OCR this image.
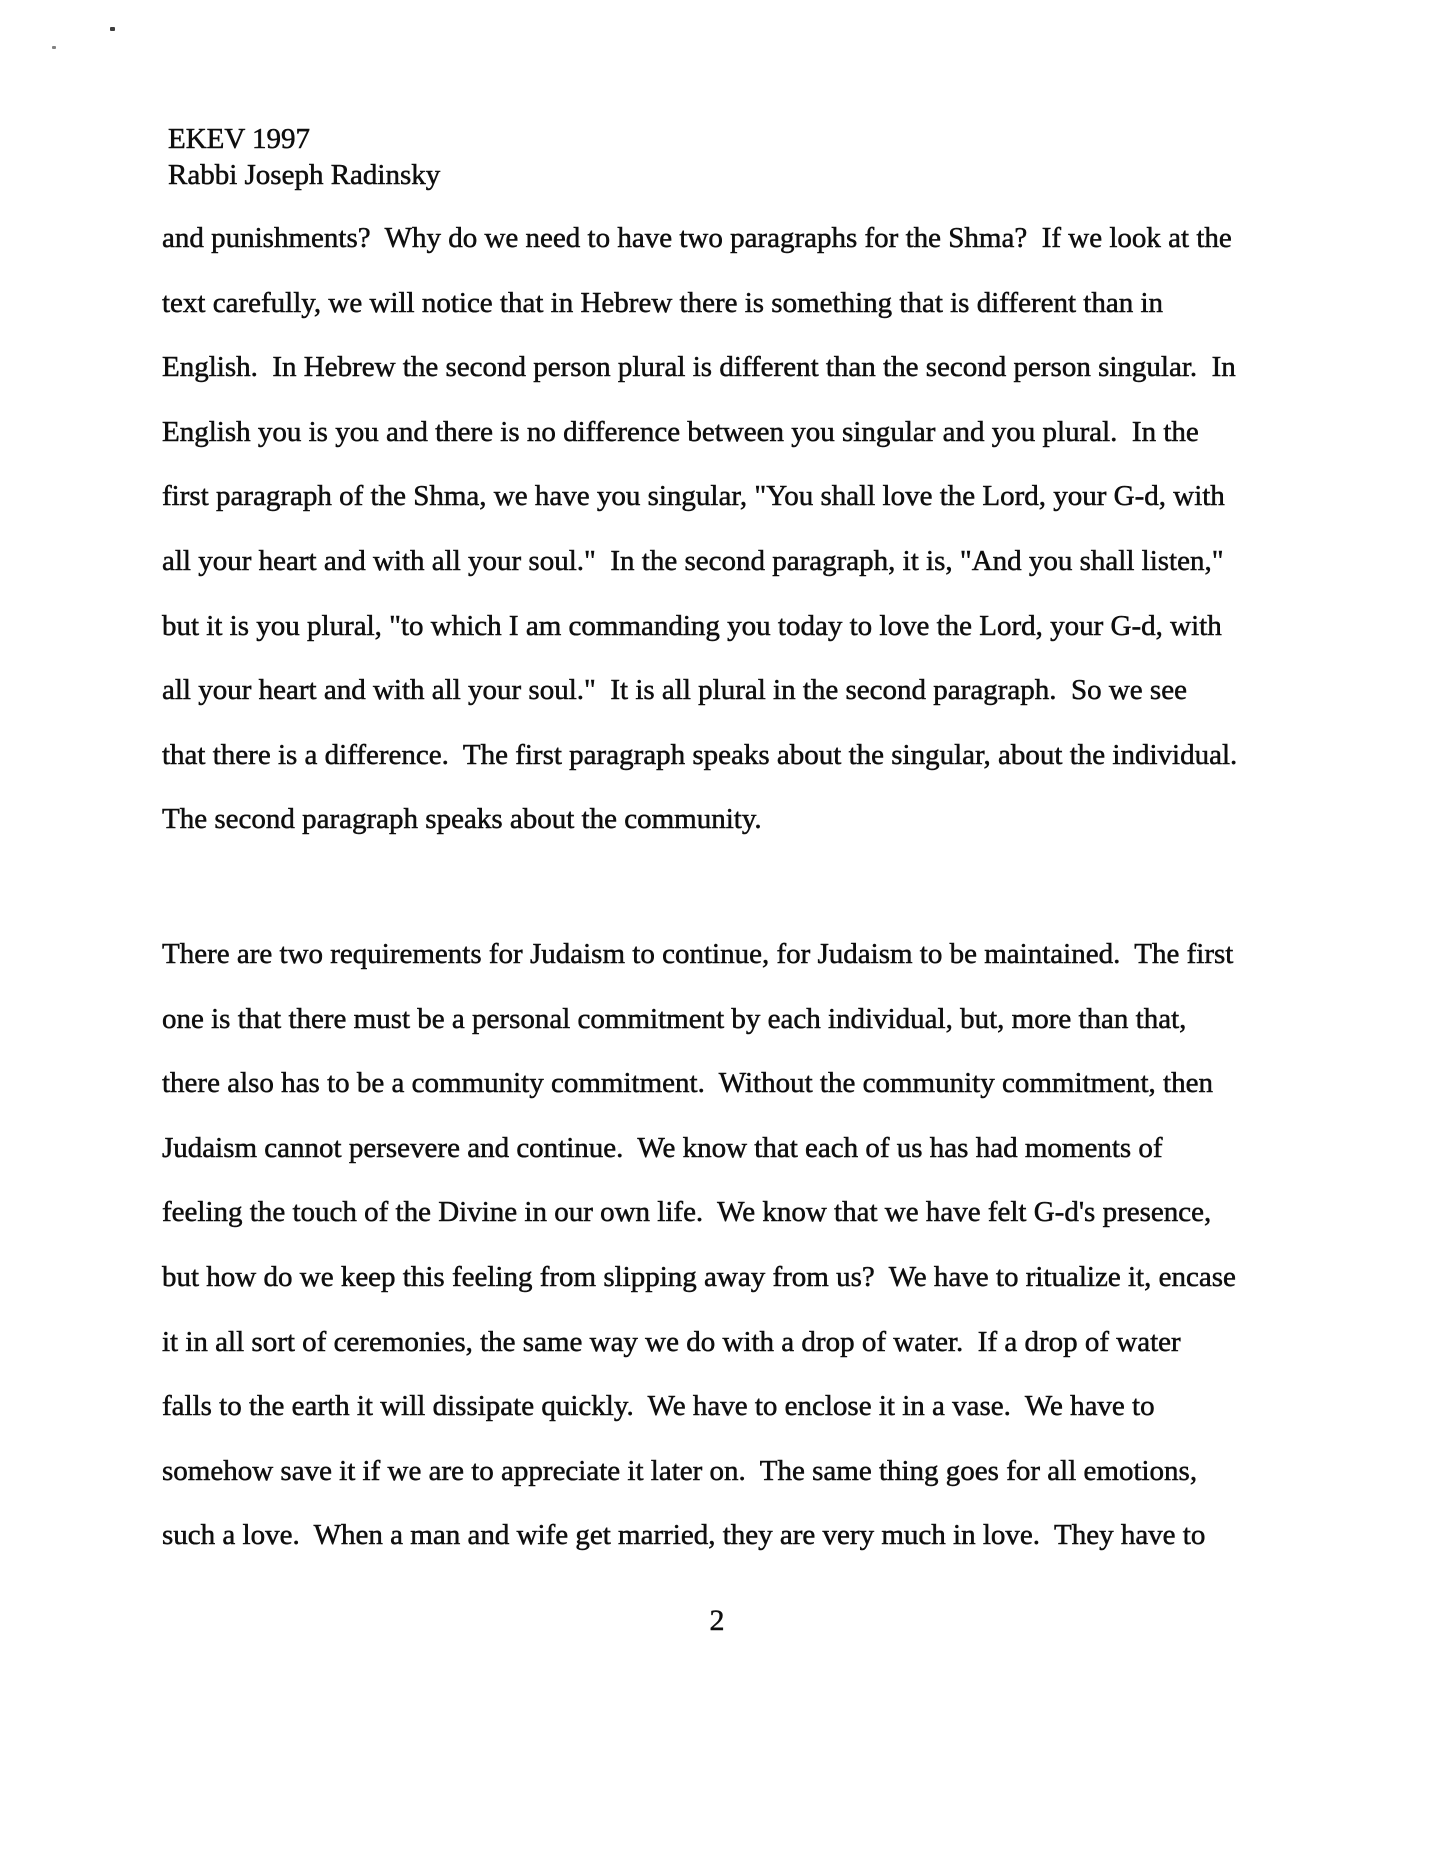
EKEV 1997
Rabbi Joseph Radinsky
and punishments?  Why do we need to have two paragraphs for the Shma?  If we look at the
text carefully, we will notice that in Hebrew there is something that is different than in
English.  In Hebrew the second person plural is different than the second person singular.  In
English you is you and there is no difference between you singular and you plural.  In the
first paragraph of the Shma, we have you singular, "You shall love the Lord, your G-d, with
all your heart and with all your soul."  In the second paragraph, it is, "And you shall listen,"
but it is you plural, "to which I am commanding you today to love the Lord, your G-d, with
all your heart and with all your soul."  It is all plural in the second paragraph.  So we see
that there is a difference.  The first paragraph speaks about the singular, about the individual.
The second paragraph speaks about the community.
There are two requirements for Judaism to continue, for Judaism to be maintained.  The first
one is that there must be a personal commitment by each individual, but, more than that,
there also has to be a community commitment.  Without the community commitment, then
Judaism cannot persevere and continue.  We know that each of us has had moments of
feeling the touch of the Divine in our own life.  We know that we have felt G-d's presence,
but how do we keep this feeling from slipping away from us?  We have to ritualize it, encase
it in all sort of ceremonies, the same way we do with a drop of water.  If a drop of water
falls to the earth it will dissipate quickly.  We have to enclose it in a vase.  We have to
somehow save it if we are to appreciate it later on.  The same thing goes for all emotions,
such a love.  When a man and wife get married, they are very much in love.  They have to
2
